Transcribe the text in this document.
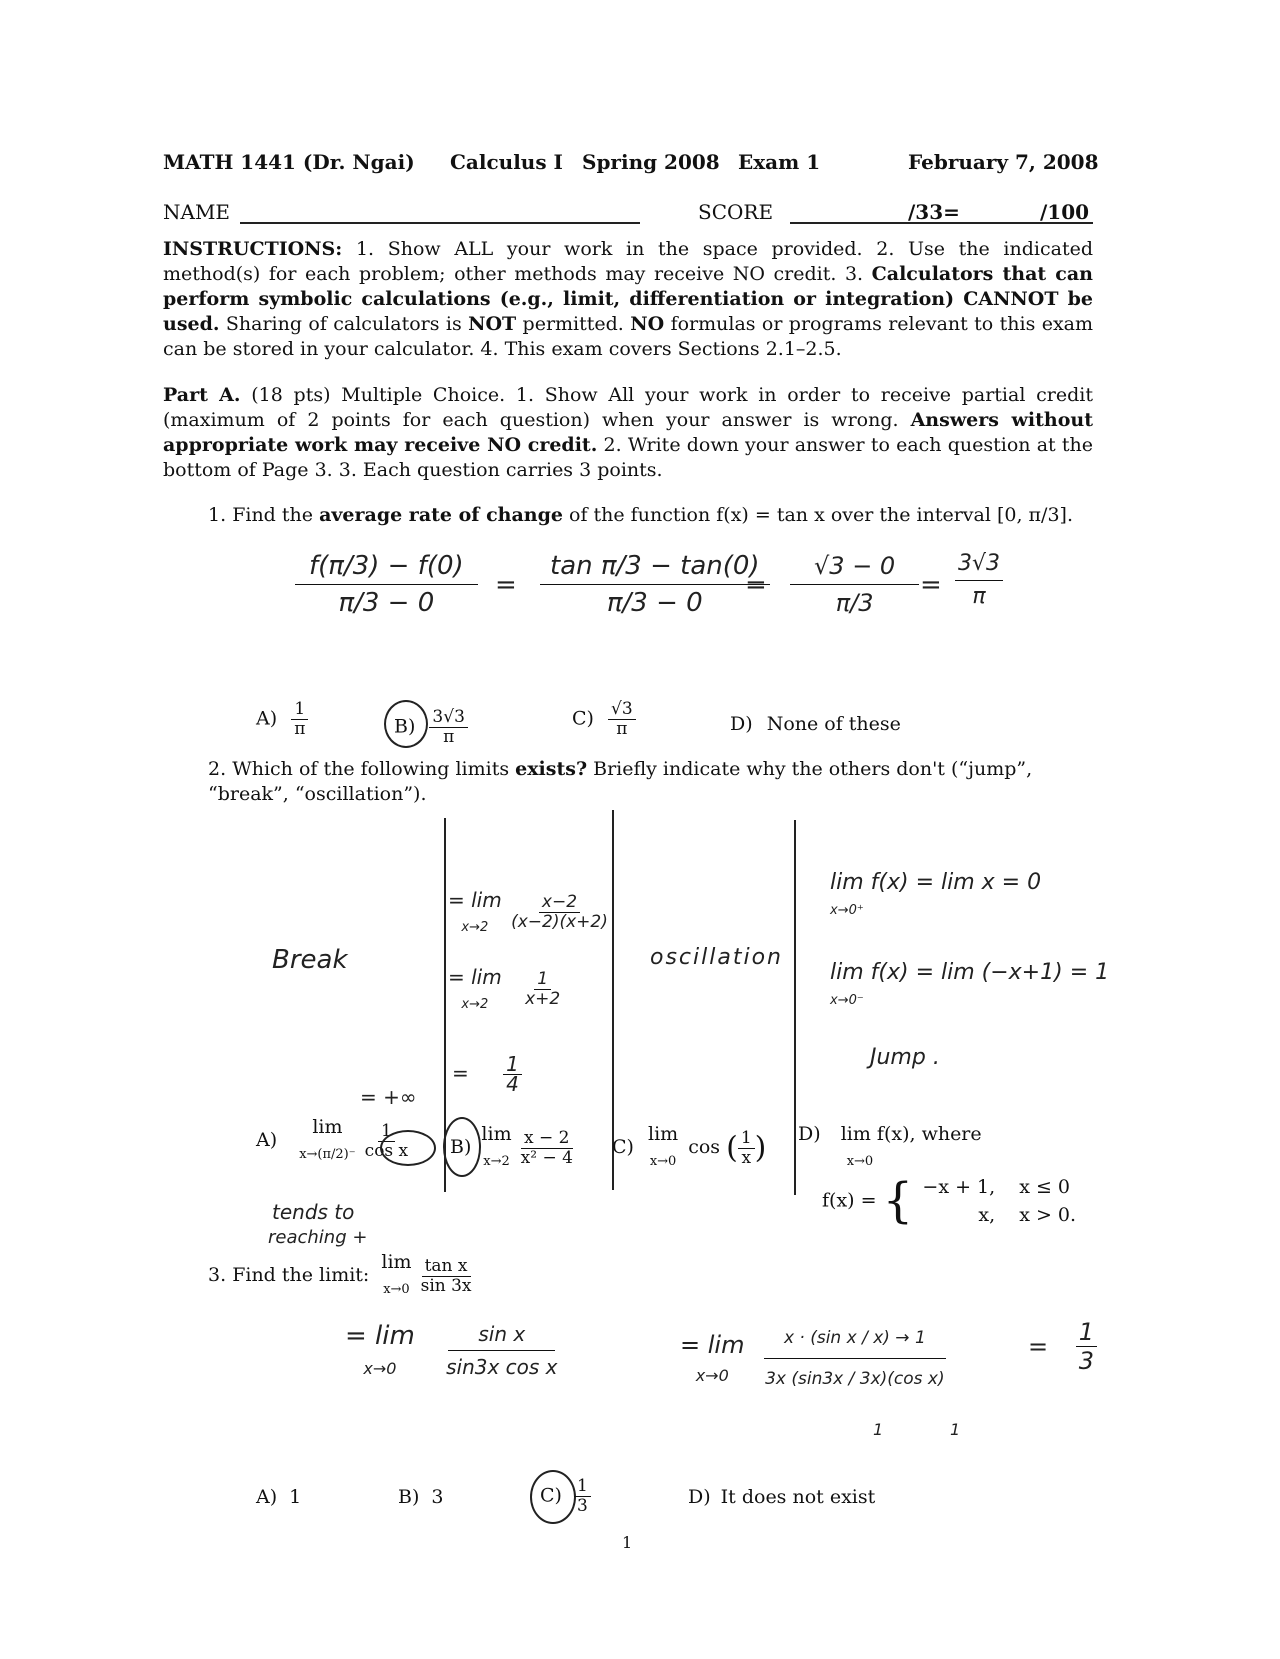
MATH 1441 (Dr. Ngai) Calculus I Spring 2008 Exam 1	February 7, 2008
NAME	SCORE	/33=	/100
INSTRUCTIONS: 1. Show ALL your work in the space provided. 2. Use the indicated method(s) for each problem; other methods may receive NO credit. 3. Calculators that can perform symbolic calculations (e.g., limit, differentiation or integration) CANNOT be used. Sharing of calculators is NOT permitted. NO formulas or programs relevant to this exam can be stored in your calculator. 4. This exam covers Sections 2.1–2.5.
Part A. (18 pts) Multiple Choice. 1. Show All your work in order to receive partial credit (maximum of 2 points for each question) when your answer is wrong. Answers without appropriate work may receive NO credit. 2. Write down your answer to each question at the bottom of Page 3. 3. Each question carries 3 points.
1. Find the average rate of change of the function f(x) = tan x over the interval [0, π/3].
$\frac{f(\pi/3) - f(0)}{\pi/3 - 0} = \frac{\text{tan π/3 − tan(0)}}{\pi/3 - 0}$
= $\frac{√3 - 0}{\pi/3} = \frac{3√3}{\pi}$
$A) \frac{1}{\pi}$	$B) \frac{3√3}{\pi}$	$C) \frac{√3}{\pi}$	D) None of these
2. Which of the following limits exists? Briefly indicate why the others don't (“jump”, “break”, “oscillation”).
Break
= +∞
tends to
reaching +
= lim
$x\to 2 \frac{x-2}{(x-2)(x+2)}$
= lim
$x\to 2 \frac{1}{x+2}$
= $\frac{1}{4}$
oscillation
lim f(x) = lim x = 0
x→0⁺
lim f(x) = lim (−x+1) = 1
x→0⁻
Jump .
A) lim
$x\to(\pi/2)^- \frac{1}{\text{cos x}} B$) lim
$x\to 2 \frac{x - 2}{\text{x² − 4}} C$) lim
x→0 cos ( $\frac{1}{x}$ ) D) lim f(x), where
x→0
f(x) = { −x + 1, x ≤ 0
x, x > 0.
3. Find the limit: lim
$x\to 0 \frac{\text{tan x}}{\sin 3x}$
= lim
$x\to 0 \frac{\text{sin x}}{\text{sin3x cos x}}$	= lim
$x\to 0 \frac{\text{x · (sin x / x) → 1}}{\text{3x (sin3x / 3x)(cos x)}}$	= $\frac{1}{3}$
1	1
A) 1	B) 3	$C) \frac{1}{3}$	D) It does not exist
1
